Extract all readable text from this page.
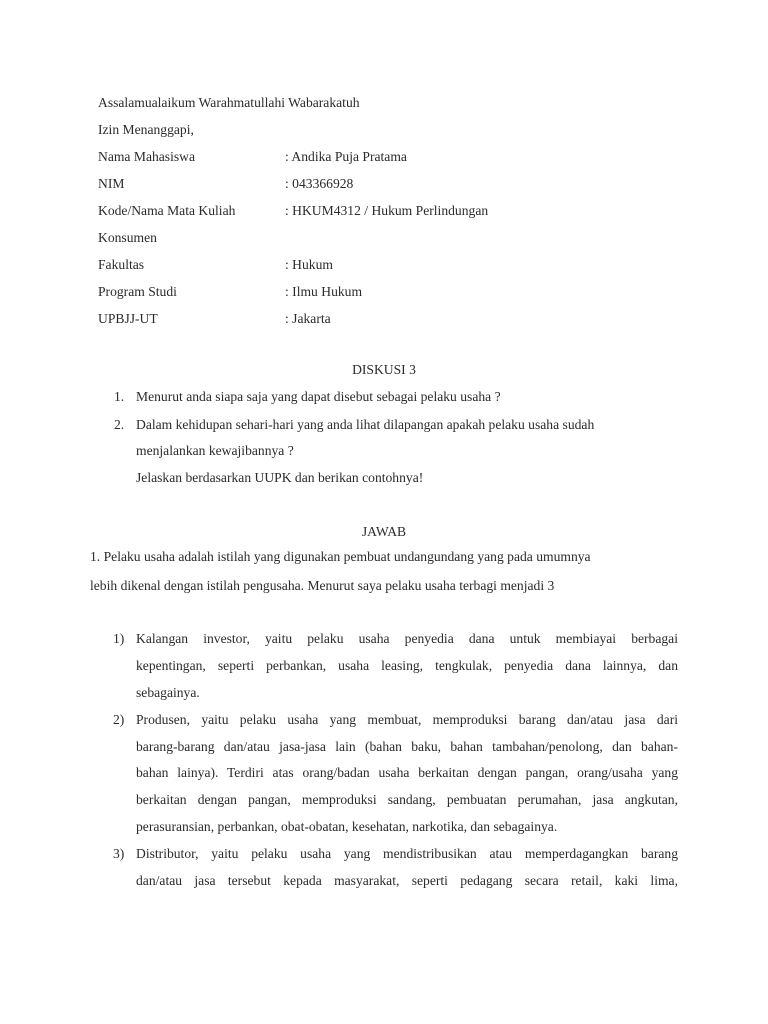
Assalamualaikum Warahmatullahi Wabarakatuh
Izin Menanggapi,
Nama Mahasiswa	: Andika Puja Pratama
NIM	: 043366928
Kode/Nama Mata Kuliah	: HKUM4312 / Hukum Perlindungan
Konsumen
Fakultas	: Hukum
Program Studi	: Ilmu Hukum
UPBJJ-UT	: Jakarta
DISKUSI 3
1. Menurut anda siapa saja yang dapat disebut sebagai pelaku usaha ?
2. Dalam kehidupan sehari-hari yang anda lihat dilapangan apakah pelaku usaha sudah
menjalankan kewajibannya ?
Jelaskan berdasarkan UUPK dan berikan contohnya!
JAWAB
1. Pelaku usaha adalah istilah yang digunakan pembuat undangundang yang pada umumnya
lebih dikenal dengan istilah pengusaha. Menurut saya pelaku usaha terbagi menjadi 3
1) Kalangan investor, yaitu pelaku usaha penyedia dana untuk membiayai berbagai
kepentingan, seperti perbankan, usaha leasing, tengkulak, penyedia dana lainnya, dan
sebagainya.
2) Produsen, yaitu pelaku usaha yang membuat, memproduksi barang dan/atau jasa dari
barang-barang dan/atau jasa-jasa lain (bahan baku, bahan tambahan/penolong, dan bahan-
bahan lainya). Terdiri atas orang/badan usaha berkaitan dengan pangan, orang/usaha yang
berkaitan dengan pangan, memproduksi sandang, pembuatan perumahan, jasa angkutan,
perasuransian, perbankan, obat-obatan, kesehatan, narkotika, dan sebagainya.
3) Distributor, yaitu pelaku usaha yang mendistribusikan atau memperdagangkan barang
dan/atau jasa tersebut kepada masyarakat, seperti pedagang secara retail, kaki lima,
